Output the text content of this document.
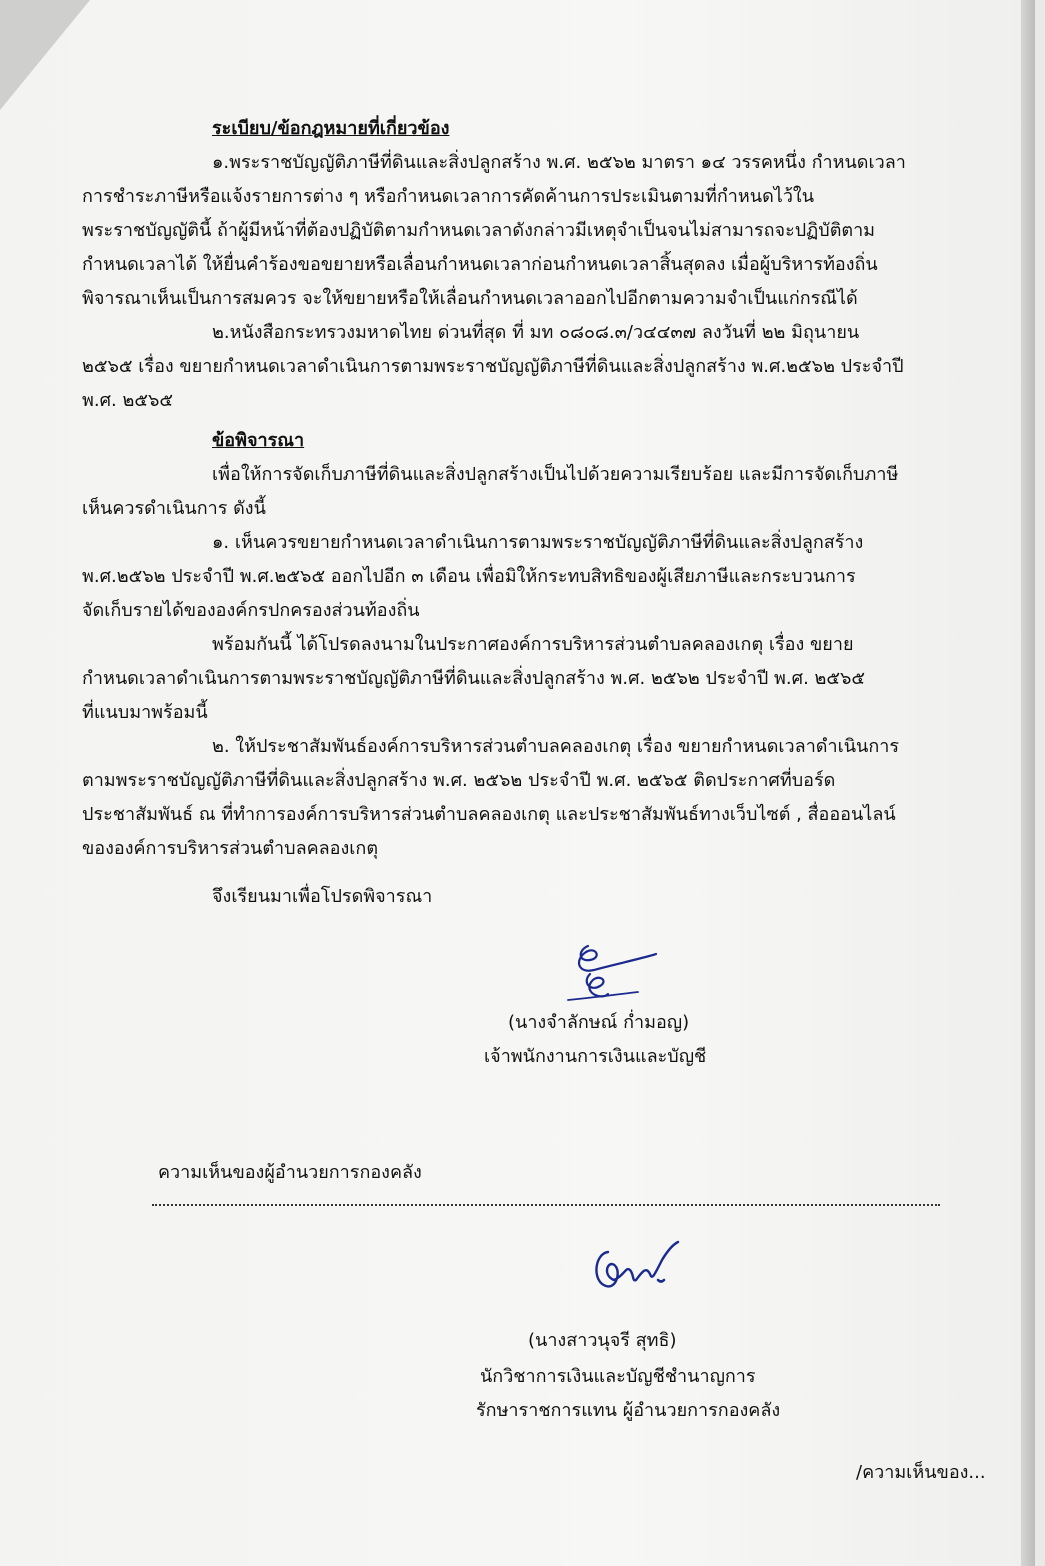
ระเบียบ/ข้อกฎหมายที่เกี่ยวข้อง
๑.พระราชบัญญัติภาษีที่ดินและสิ่งปลูกสร้าง พ.ศ. ๒๕๖๒ มาตรา ๑๔ วรรคหนึ่ง กำหนดเวลา
การชำระภาษีหรือแจ้งรายการต่าง ๆ หรือกำหนดเวลาการคัดค้านการประเมินตามที่กำหนดไว้ใน
พระราชบัญญัตินี้ ถ้าผู้มีหน้าที่ต้องปฏิบัติตามกำหนดเวลาดังกล่าวมีเหตุจำเป็นจนไม่สามารถจะปฏิบัติตาม
กำหนดเวลาได้ ให้ยื่นคำร้องขอขยายหรือเลื่อนกำหนดเวลาก่อนกำหนดเวลาสิ้นสุดลง เมื่อผู้บริหารท้องถิ่น
พิจารณาเห็นเป็นการสมควร จะให้ขยายหรือให้เลื่อนกำหนดเวลาออกไปอีกตามความจำเป็นแก่กรณีได้
๒.หนังสือกระทรวงมหาดไทย ด่วนที่สุด ที่ มท ๐๘๐๘.๓/ว๔๔๓๗ ลงวันที่ ๒๒ มิถุนายน
๒๕๖๕ เรื่อง ขยายกำหนดเวลาดำเนินการตามพระราชบัญญัติภาษีที่ดินและสิ่งปลูกสร้าง พ.ศ.๒๕๖๒ ประจำปี
พ.ศ. ๒๕๖๕
ข้อพิจารณา
เพื่อให้การจัดเก็บภาษีที่ดินและสิ่งปลูกสร้างเป็นไปด้วยความเรียบร้อย และมีการจัดเก็บภาษี
เห็นควรดำเนินการ ดังนี้
๑. เห็นควรขยายกำหนดเวลาดำเนินการตามพระราชบัญญัติภาษีที่ดินและสิ่งปลูกสร้าง
พ.ศ.๒๕๖๒ ประจำปี พ.ศ.๒๕๖๕ ออกไปอีก ๓ เดือน เพื่อมิให้กระทบสิทธิของผู้เสียภาษีและกระบวนการ
จัดเก็บรายได้ขององค์กรปกครองส่วนท้องถิ่น
พร้อมกันนี้ ได้โปรดลงนามในประกาศองค์การบริหารส่วนตำบลคลองเกตุ เรื่อง ขยาย
กำหนดเวลาดำเนินการตามพระราชบัญญัติภาษีที่ดินและสิ่งปลูกสร้าง พ.ศ. ๒๕๖๒ ประจำปี พ.ศ. ๒๕๖๕
ที่แนบมาพร้อมนี้
๒. ให้ประชาสัมพันธ์องค์การบริหารส่วนตำบลคลองเกตุ เรื่อง ขยายกำหนดเวลาดำเนินการ
ตามพระราชบัญญัติภาษีที่ดินและสิ่งปลูกสร้าง พ.ศ. ๒๕๖๒ ประจำปี พ.ศ. ๒๕๖๕ ติดประกาศที่บอร์ด
ประชาสัมพันธ์ ณ ที่ทำการองค์การบริหารส่วนตำบลคลองเกตุ และประชาสัมพันธ์ทางเว็บไซต์ , สื่อออนไลน์
ขององค์การบริหารส่วนตำบลคลองเกตุ
จึงเรียนมาเพื่อโปรดพิจารณา
(นางจำลักษณ์ ก่ำมอญ)
เจ้าพนักงานการเงินและบัญชี
ความเห็นของผู้อำนวยการกองคลัง
(นางสาวนุจรี สุทธิ)
นักวิชาการเงินและบัญชีชำนาญการ
รักษาราชการแทน ผู้อำนวยการกองคลัง
/ความเห็นของ...
